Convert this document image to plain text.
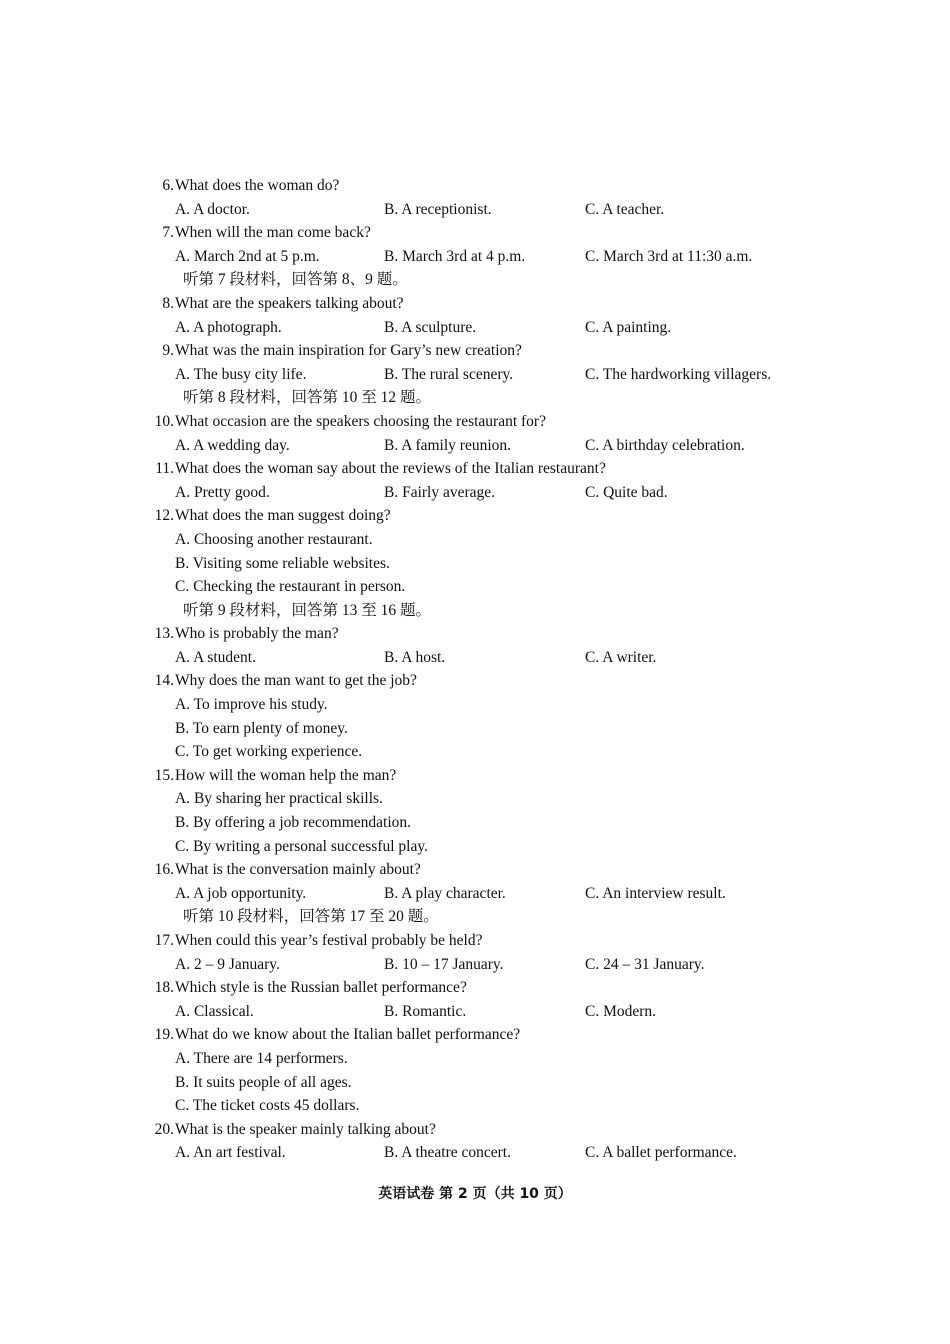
6. What does the woman do?
A. A doctor.	B. A receptionist.	C. A teacher.
7. When will the man come back?
A. March 2nd at 5 p.m.	B. March 3rd at 4 p.m.	C. March 3rd at 11:30 a.m.
听第 7 段材料，回答第 8、9 题。
8. What are the speakers talking about?
A. A photograph.	B. A sculpture.	C. A painting.
9. What was the main inspiration for Gary’s new creation?
A. The busy city life.	B. The rural scenery.	C. The hardworking villagers.
听第 8 段材料，回答第 10 至 12 题。
10. What occasion are the speakers choosing the restaurant for?
A. A wedding day.	B. A family reunion.	C. A birthday celebration.
11. What does the woman say about the reviews of the Italian restaurant?
A. Pretty good.	B. Fairly average.	C. Quite bad.
12. What does the man suggest doing?
A. Choosing another restaurant.
B. Visiting some reliable websites.
C. Checking the restaurant in person.
听第 9 段材料，回答第 13 至 16 题。
13. Who is probably the man?
A. A student.	B. A host.	C. A writer.
14. Why does the man want to get the job?
A. To improve his study.
B. To earn plenty of money.
C. To get working experience.
15. How will the woman help the man?
A. By sharing her practical skills.
B. By offering a job recommendation.
C. By writing a personal successful play.
16. What is the conversation mainly about?
A. A job opportunity.	B. A play character.	C. An interview result.
听第 10 段材料，回答第 17 至 20 题。
17. When could this year’s festival probably be held?
A. 2 – 9 January.	B. 10 – 17 January.	C. 24 – 31 January.
18. Which style is the Russian ballet performance?
A. Classical.	B. Romantic.	C. Modern.
19. What do we know about the Italian ballet performance?
A. There are 14 performers.
B. It suits people of all ages.
C. The ticket costs 45 dollars.
20. What is the speaker mainly talking about?
A. An art festival.	B. A theatre concert.	C. A ballet performance.
英语试卷 第 2 页（共 10 页）
